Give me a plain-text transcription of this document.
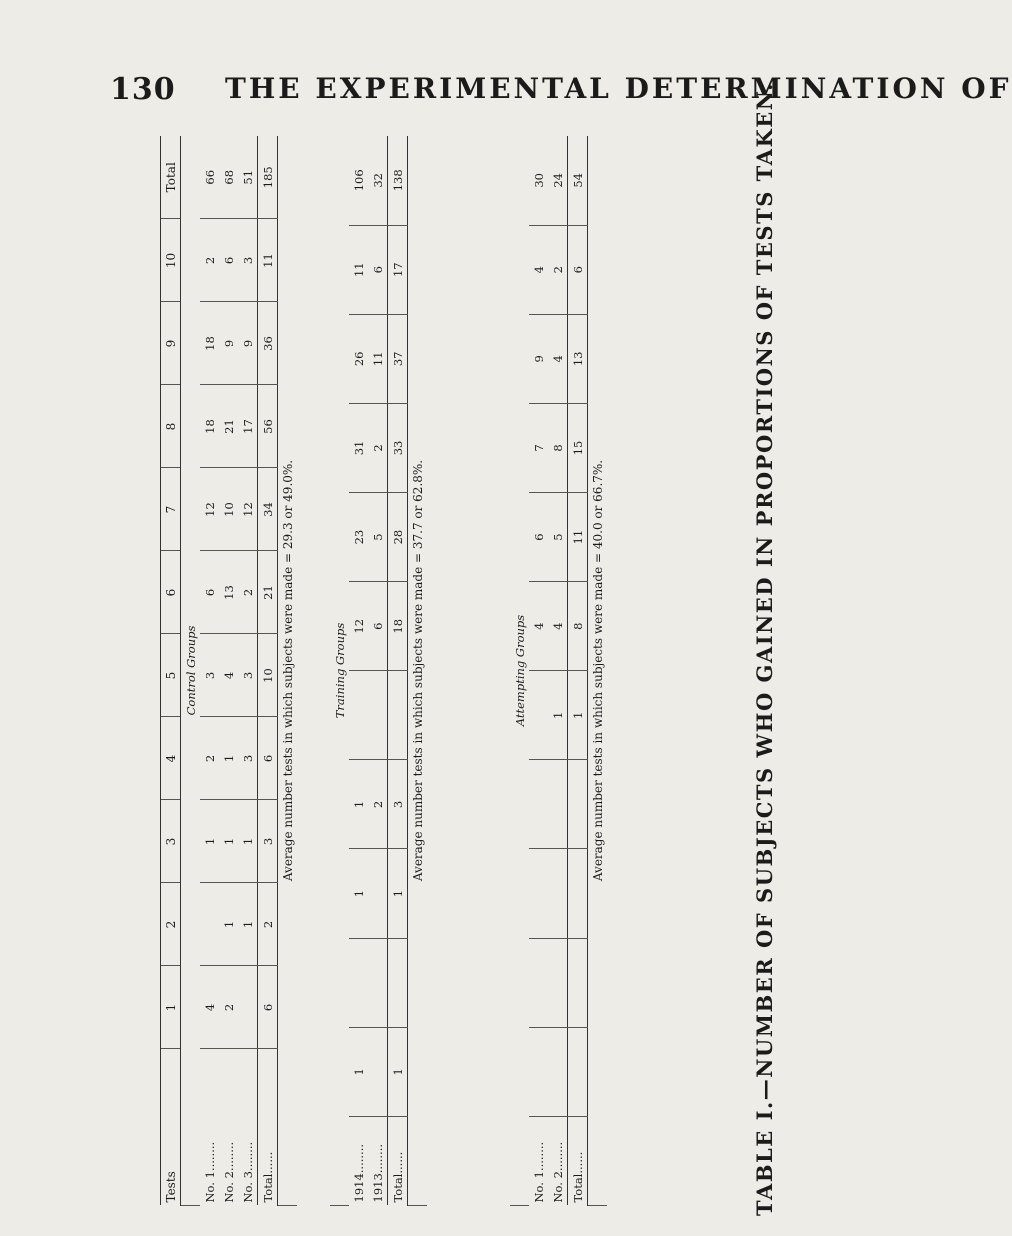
130 THE EXPERIMENTAL DETERMINATION OF
TABLE I.—NUMBER OF SUBJECTS WHO GAINED IN PROPORTIONS OF TESTS TAKEN.
Tests	1	2	3	4	5	6	7	8	9	10	Total
Control Groups											
No. 1........	4		1	2	3	6	12	18	18	2	66
No. 2........	2	1	1	1	4	13	10	21	9	6	68
No. 3........		1	1	3	3	2	12	17	9	3	51
Total......	6	2	3	6	10	21	34	56	36	11	185
Average number tests in which subjects were made = 29.3 or 49.0%.												Training Groups											
1914........	1		1	1		12	23	31	26	11	106
1913........				2		6	5	2	11	6	32
Total......	1		1	3		18	28	33	37	17	138
Average number tests in which subjects were made = 37.7 or 62.8%.												Attempting Groups											
No. 1........						4	6	7	9	4	30
No. 2........					1	4	5	8	4	2	24
Total......					1	8	11	15	13	6	54
Average number tests in which subjects were made = 40.0 or 66.7%.											
